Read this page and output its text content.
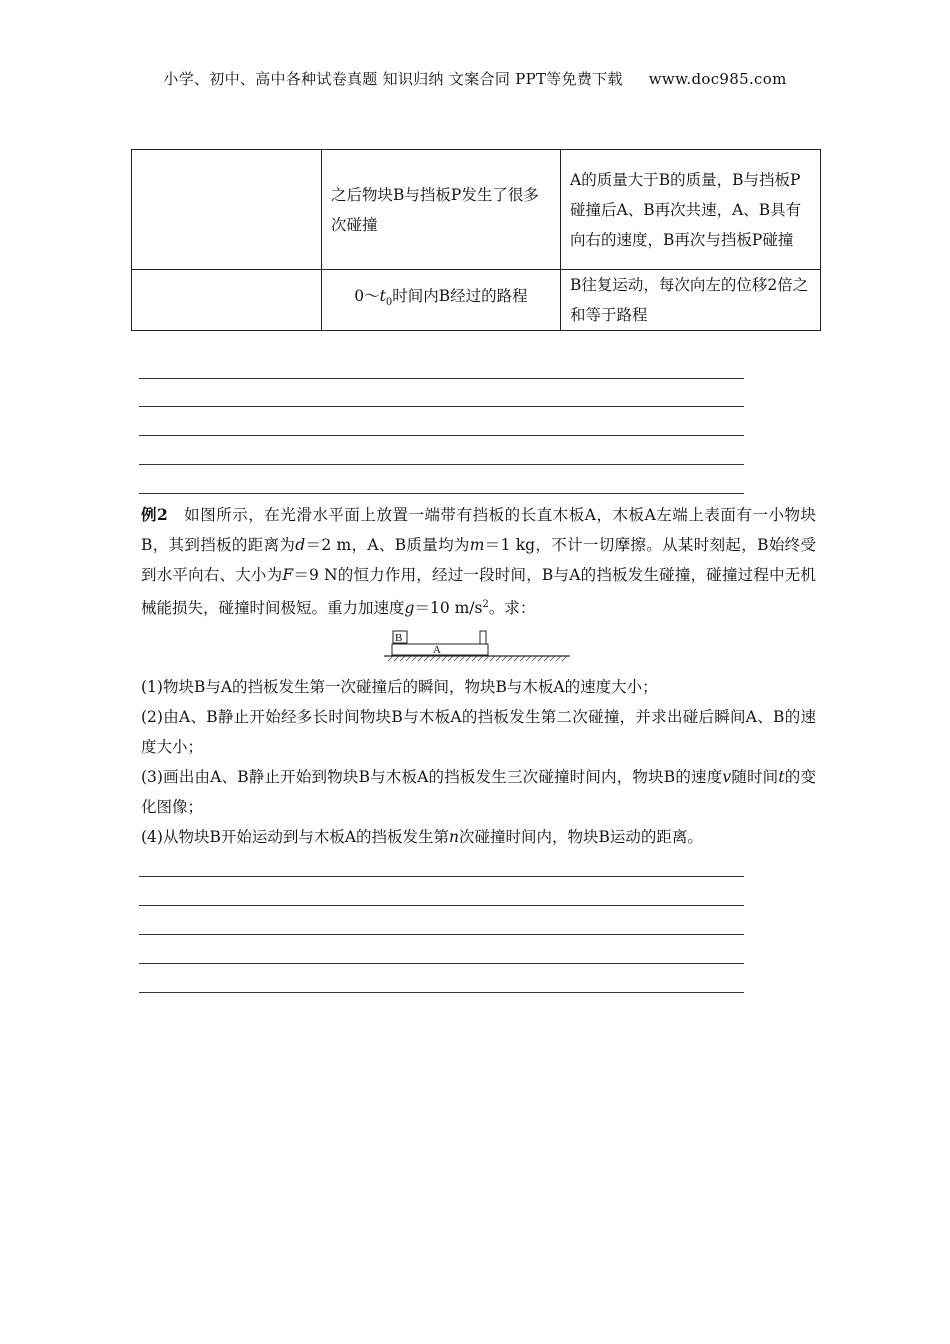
小学、初中、高中各种试卷真题 知识归纳 文案合同 PPT等免费下载 www.doc985.com
	之后物块B与挡板P发生了很多次碰撞	A的质量大于B的质量，B与挡板P碰撞后A、B再次共速，A、B具有向右的速度，B再次与挡板P碰撞
	$0\sim t_0$时间内B经过的路程	B往复运动，每次向左的位移2倍之和等于路程
例2 如图所示，在光滑水平面上放置一端带有挡板的长直木板A，木板A左端上表面有一小物块B，其到挡板的距离为d＝2 m，A、B质量均为m＝1 kg，不计一切摩擦。从某时刻起，B始终受到水平向右、大小为F＝9 N的恒力作用，经过一段时间，B与A的挡板发生碰撞，碰撞过程中无机械能损失，碰撞时间极短。重力加速度g＝10 $m/s^2$。求：
B
A
(1)物块B与A的挡板发生第一次碰撞后的瞬间，物块B与木板A的速度大小；
(2)由A、B静止开始经多长时间物块B与木板A的挡板发生第二次碰撞，并求出碰后瞬间A、B的速度大小；
(3)画出由A、B静止开始到物块B与木板A的挡板发生三次碰撞时间内，物块B的速度v随时间t的变化图像；
(4)从物块B开始运动到与木板A的挡板发生第n次碰撞时间内，物块B运动的距离。
